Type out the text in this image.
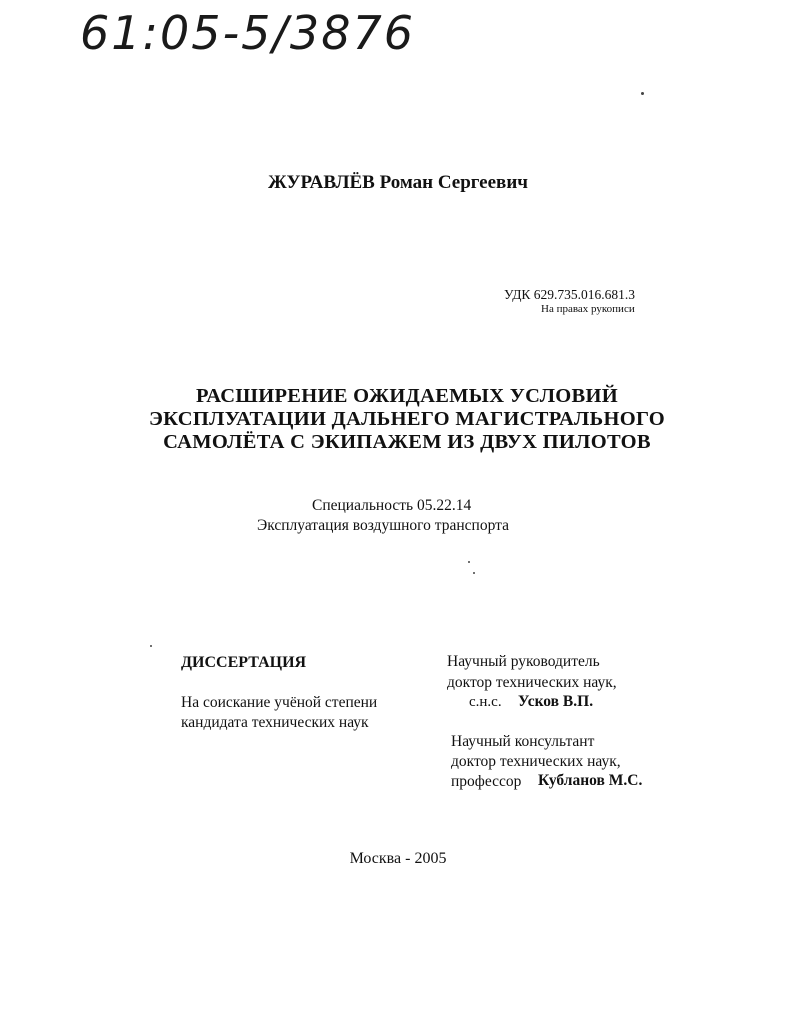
61:05-5/3876
ЖУРАВЛЁВ Роман Сергеевич
УДК 629.735.016.681.3
На правах рукописи
РАСШИРЕНИЕ ОЖИДАЕМЫХ УСЛОВИЙ
ЭКСПЛУАТАЦИИ ДАЛЬНЕГО МАГИСТРАЛЬНОГО
САМОЛЁТА С ЭКИПАЖЕМ ИЗ ДВУХ ПИЛОТОВ
Специальность 05.22.14
Эксплуатация воздушного транспорта
ДИССЕРТАЦИЯ
На соискание учёной степени
кандидата технических наук
Научный руководитель
доктор технических наук,
с.н.с. Усков В.П.
Научный консультант
доктор технических наук,
профессор Кубланов М.С.
Москва - 2005
